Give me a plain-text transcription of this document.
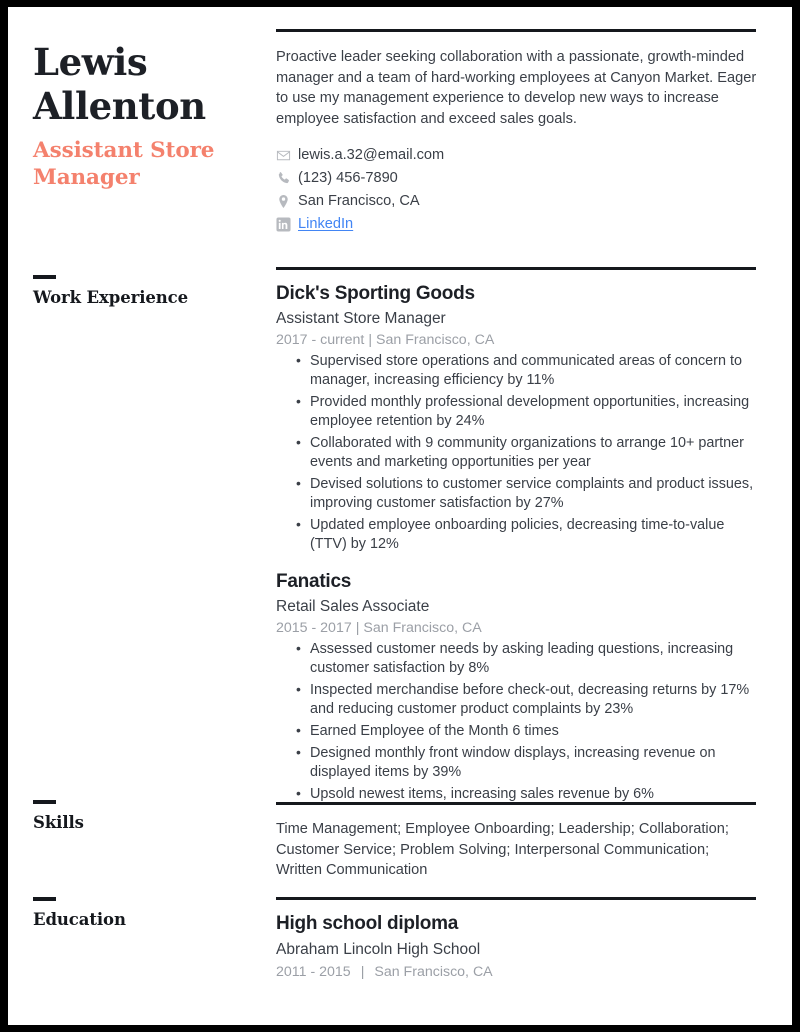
Lewis
Allenton
Assistant Store Manager
Work Experience
Skills
Education

Proactive leader seeking collaboration with a passionate, growth-minded manager and a team of hard-working employees at Canyon Market. Eager to use my management experience to develop new ways to increase employee satisfaction and exceed sales goals.

lewis.a.32@email.com
(123) 456-7890
San Francisco, CA
LinkedIn
Dick's Sporting Goods
Assistant Store Manager
2017 - current | San Francisco, CA
• Supervised store operations and communicated areas of concern to manager, increasing efficiency by 11%
• Provided monthly professional development opportunities, increasing employee retention by 24%
• Collaborated with 9 community organizations to arrange 10+ partner events and marketing opportunities per year
• Devised solutions to customer service complaints and product issues, improving customer satisfaction by 27%
• Updated employee onboarding policies, decreasing time-to-value (TTV) by 12%
Fanatics
Retail Sales Associate
2015 - 2017 | San Francisco, CA
• Assessed customer needs by asking leading questions, increasing customer satisfaction by 8%
• Inspected merchandise before check-out, decreasing returns by 17% and reducing customer product complaints by 23%
• Earned Employee of the Month 6 times
• Designed monthly front window displays, increasing revenue on displayed items by 39%
• Upsold newest items, increasing sales revenue by 6%

Time Management; Employee Onboarding; Leadership; Collaboration; Customer Service; Problem Solving; Interpersonal Communication; Written Communication

High school diploma
Abraham Lincoln High School
2011 - 2015 | San Francisco, CA
